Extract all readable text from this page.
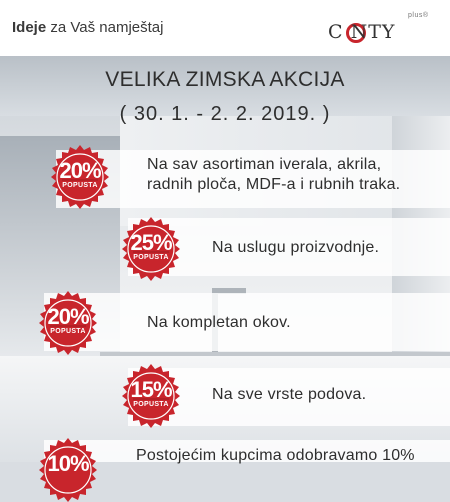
Ideje za Vaš namještaj
plus®
C NTY
VELIKA ZIMSKA AKCIJA
( 30. 1. - 2. 2. 2019. )
Na sav asortiman iverala, akrila,
radnih ploča, MDF-a i rubnih traka.
20%
POPUSTA
Na uslugu proizvodnje.
25%
POPUSTA
Na kompletan okov.
20%
POPUSTA
Na sve vrste podova.
15%
POPUSTA
Postojećim kupcima odobravamo 10%
10%
